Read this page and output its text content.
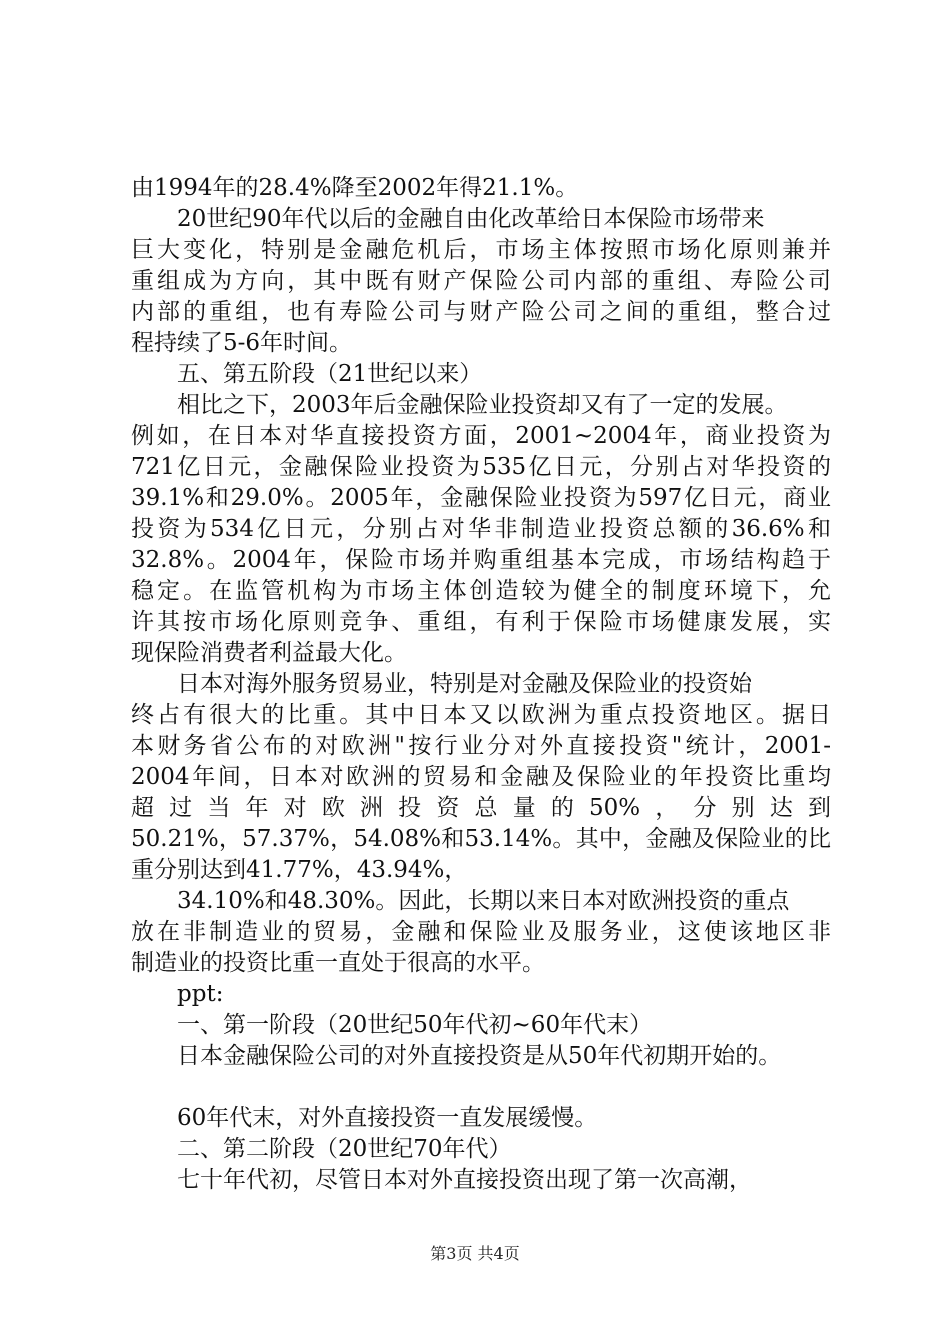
由1994年的28.4%降至2002年得21.1%。
20世纪90年代以后的金融自由化改革给日本保险市场带来
巨大变化，特别是金融危机后，市场主体按照市场化原则兼并
重组成为方向，其中既有财产保险公司内部的重组、寿险公司
内部的重组，也有寿险公司与财产险公司之间的重组，整合过
程持续了5-6年时间。
五、第五阶段（21世纪以来）
相比之下，2003年后金融保险业投资却又有了一定的发展。
例如，在日本对华直接投资方面，2001~2004年，商业投资为
721亿日元，金融保险业投资为535亿日元，分别占对华投资的
39.1%和29.0%。2005年，金融保险业投资为597亿日元，商业
投资为534亿日元，分别占对华非制造业投资总额的36.6%和
32.8%。2004年，保险市场并购重组基本完成，市场结构趋于
稳定。在监管机构为市场主体创造较为健全的制度环境下，允
许其按市场化原则竞争、重组，有利于保险市场健康发展，实
现保险消费者利益最大化。
日本对海外服务贸易业，特别是对金融及保险业的投资始
终占有很大的比重。其中日本又以欧洲为重点投资地区。据日
本财务省公布的对欧洲"按行业分对外直接投资"统计，2001-
2004年间，日本对欧洲的贸易和金融及保险业的年投资比重均
超过当年对欧洲投资总量的50%，分别达到
50.21%，57.37%，54.08%和53.14%。其中，金融及保险业的比
重分别达到41.77%，43.94%，
34.10%和48.30%。因此，长期以来日本对欧洲投资的重点
放在非制造业的贸易，金融和保险业及服务业，这使该地区非
制造业的投资比重一直处于很高的水平。
ppt:
一、第一阶段（20世纪50年代初~60年代末）
日本金融保险公司的对外直接投资是从50年代初期开始的。
60年代末，对外直接投资一直发展缓慢。
二、第二阶段（20世纪70年代）
七十年代初，尽管日本对外直接投资出现了第一次高潮，
第3页 共4页
